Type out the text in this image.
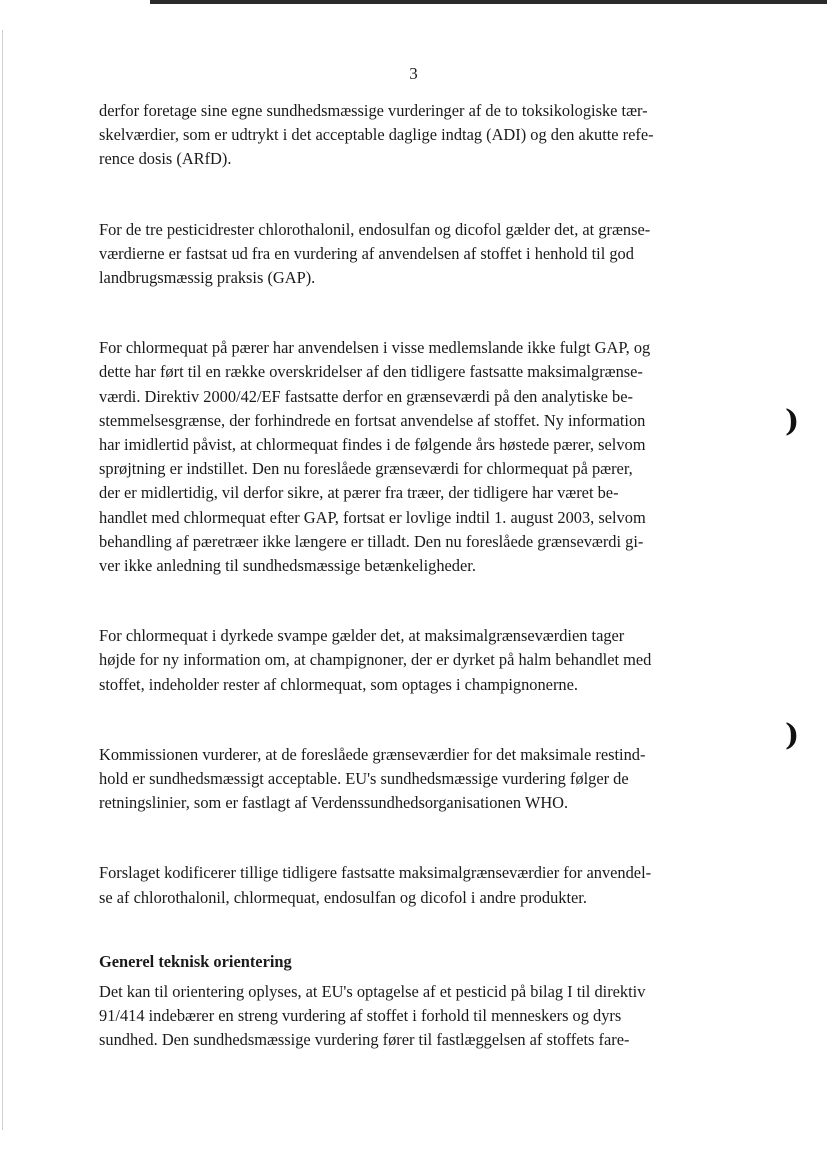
3
derfor foretage sine egne sundhedsmæssige vurderinger af de to toksikologiske tær-
skelværdier, som er udtrykt i det acceptable daglige indtag (ADI) og den akutte refe-
rence dosis (ARfD).
For de tre pesticidrester chlorothalonil, endosulfan og dicofol gælder det, at grænse-
værdierne er fastsat ud fra en vurdering af anvendelsen af stoffet i henhold til god
landbrugsmæssig praksis (GAP).
For chlormequat på pærer har anvendelsen i visse medlemslande ikke fulgt GAP, og
dette har ført til en række overskridelser af den tidligere fastsatte maksimalgrænse-
værdi. Direktiv 2000/42/EF fastsatte derfor en grænseværdi på den analytiske be-
stemmelsesgrænse, der forhindrede en fortsat anvendelse af stoffet. Ny information
har imidlertid påvist, at chlormequat findes i de følgende års høstede pærer, selvom
sprøjtning er indstillet. Den nu foreslåede grænseværdi for chlormequat på pærer,
der er midlertidig, vil derfor sikre, at pærer fra træer, der tidligere har været be-
handlet med chlormequat efter GAP, fortsat er lovlige indtil 1. august 2003, selvom
behandling af pæretræer ikke længere er tilladt. Den nu foreslåede grænseværdi gi-
ver ikke anledning til sundhedsmæssige betænkeligheder.
For chlormequat i dyrkede svampe gælder det, at maksimalgrænseværdien tager
højde for ny information om, at champignoner, der er dyrket på halm behandlet med
stoffet, indeholder rester af chlormequat, som optages i champignonerne.
Kommissionen vurderer, at de foreslåede grænseværdier for det maksimale restind-
hold er sundhedsmæssigt acceptable. EU's sundhedsmæssige vurdering følger de
retningslinier, som er fastlagt af Verdenssundhedsorganisationen WHO.
Forslaget kodificerer tillige tidligere fastsatte maksimalgrænseværdier for anvendel-
se af chlorothalonil, chlormequat, endosulfan og dicofol i andre produkter.
Generel teknisk orientering
Det kan til orientering oplyses, at EU's optagelse af et pesticid på bilag I til direktiv
91/414 indebærer en streng vurdering af stoffet i forhold til menneskers og dyrs
sundhed. Den sundhedsmæssige vurdering fører til fastlæggelsen af stoffets fare-
)
)
